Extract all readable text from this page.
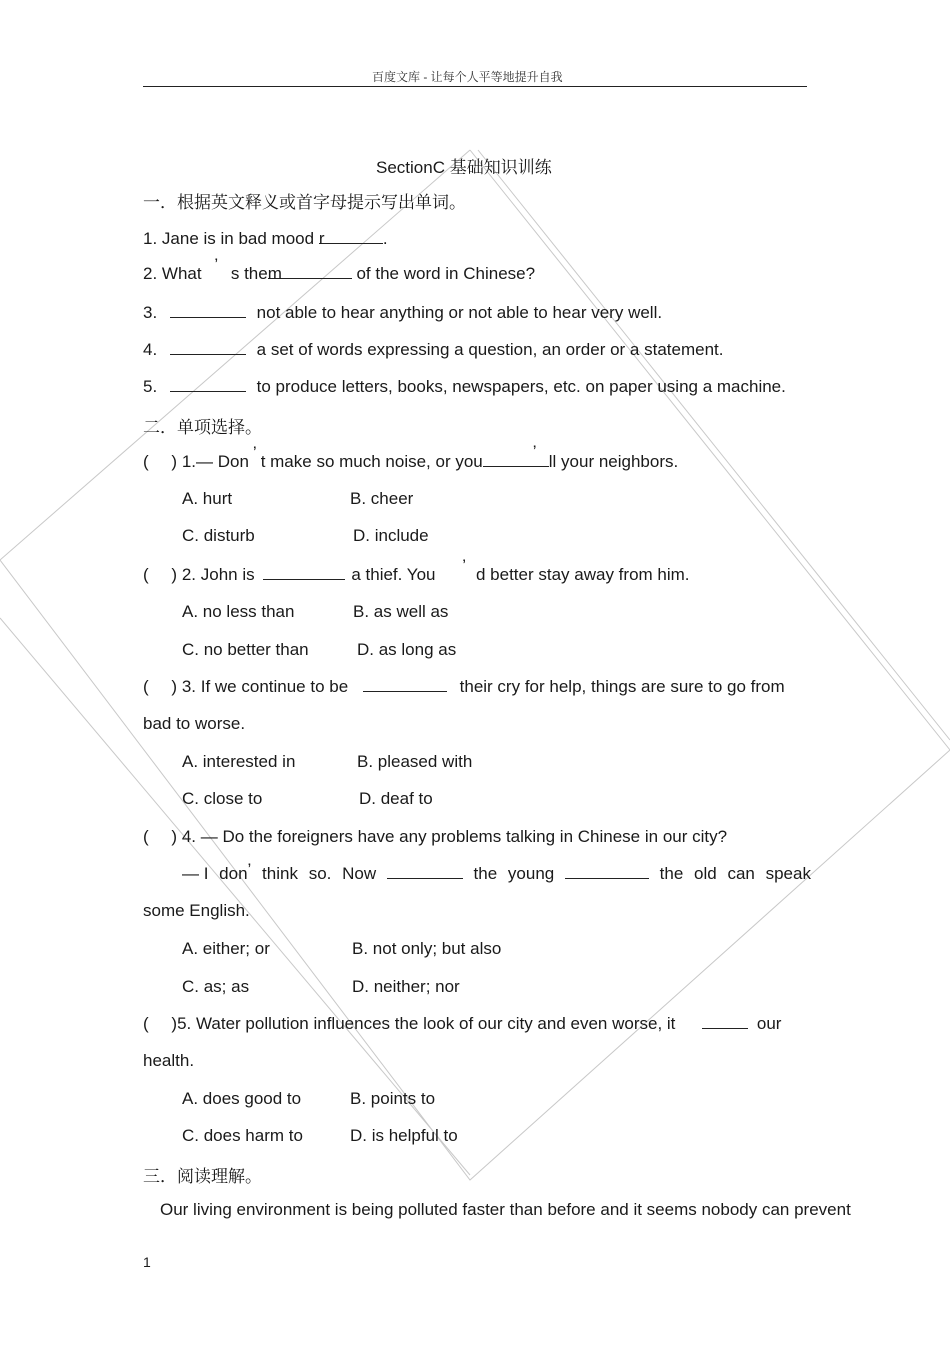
百度文库 - 让每个人平等地提升自我
SectionC 基础知识训练
一．根据英文释义或首字母提示写出单词。
1. Jane is in bad mood r	.
2. What ’ s them	of the word in Chinese?
3.	not able to hear anything or not able to hear very well.
4.	a set of words expressing a question, an order or a statement.
5.	to produce letters, books, newspapers, etc. on paper using a machine.
二．单项选择。
( ) 1.— Don ’ t make so much noise, or you’ll your neighbors.
A. hurt	B. cheer
C. disturb	D. include
( ) 2. John is	a thief. You ’ d better stay away from him.
A. no less than	B. as well as
C. no better than	D. as long as
( ) 3. If we continue to be	their cry for help, things are sure to go from
bad to worse.
A. interested in	B. pleased with
C. close to	D. deaf to
( ) 4. — Do the foreigners have any problems talking in Chinese in our city?
— I don’ think so. Now	the young	the old can speak
some English.
A. either; or	B. not only; but also
C. as; as	D. neither; nor
( )5. Water pollution influences the look of our city and even worse, it	our
health.
A. does good to	B. points to
C. does harm to	D. is helpful to
三．阅读理解。
Our living environment is being polluted faster than before and it seems nobody can prevent
1
